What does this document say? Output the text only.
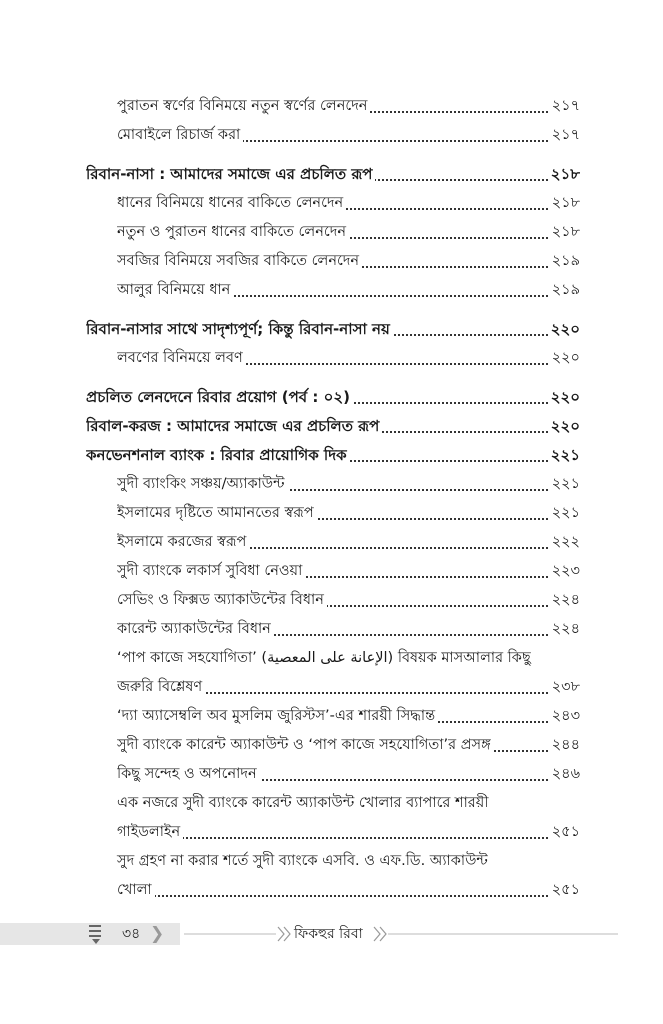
পুরাতন স্বর্ণের বিনিময়ে নতুন স্বর্ণের লেনদেন	২১৭
মোবাইলে রিচার্জ করা	২১৭
রিবান-নাসা : আমাদের সমাজে এর প্রচলিত রূপ	২১৮
ধানের বিনিময়ে ধানের বাকিতে লেনদেন	২১৮
নতুন ও পুরাতন ধানের বাকিতে লেনদেন	২১৮
সবজির বিনিময়ে সবজির বাকিতে লেনদেন	২১৯
আলুর বিনিময়ে ধান	২১৯
রিবান-নাসার সাথে সাদৃশ্যপূর্ণ; কিন্তু রিবান-নাসা নয়	২২০
লবণের বিনিময়ে লবণ	২২০
প্রচলিত লেনদেনে রিবার প্রয়োগ (পর্ব : ০২)	২২০
রিবাল-করজ : আমাদের সমাজে এর প্রচলিত রূপ	২২০
কনভেনশনাল ব্যাংক : রিবার প্রায়োগিক দিক	২২১
সুদী ব্যাংকিং সঞ্চয়/অ্যাকাউন্ট	২২১
ইসলামের দৃষ্টিতে আমানতের স্বরূপ	২২১
ইসলামে করজের স্বরূপ	২২২
সুদী ব্যাংকে লকার্স সুবিধা নেওয়া	২২৩
সেভিং ও ফিক্সড অ্যাকাউন্টের বিধান	২২৪
কারেন্ট অ্যাকাউন্টের বিধান	২২৪
‘পাপ কাজে সহযোগিতা’ (الإعانة على المعصية) বিষয়ক মাসআলার কিছু
জরুরি বিশ্লেষণ	২৩৮
‘দ্যা অ্যাসেম্বলি অব মুসলিম জুরিস্টস’-এর শারয়ী সিদ্ধান্ত	২৪৩
সুদী ব্যাংকে কারেন্ট অ্যাকাউন্ট ও ‘পাপ কাজে সহযোগিতা’র প্রসঙ্গ	২৪৪
কিছু সন্দেহ ও অপনোদন	২৪৬
এক নজরে সুদী ব্যাংকে কারেন্ট অ্যাকাউন্ট খোলার ব্যাপারে শারয়ী
গাইডলাইন	২৫১
সুদ গ্রহণ না করার শর্তে সুদী ব্যাংকে এসবি. ও এফ.ডি. অ্যাকাউন্ট
খোলা	২৫১
৩৪ ❯	ফিকহুর রিবা
